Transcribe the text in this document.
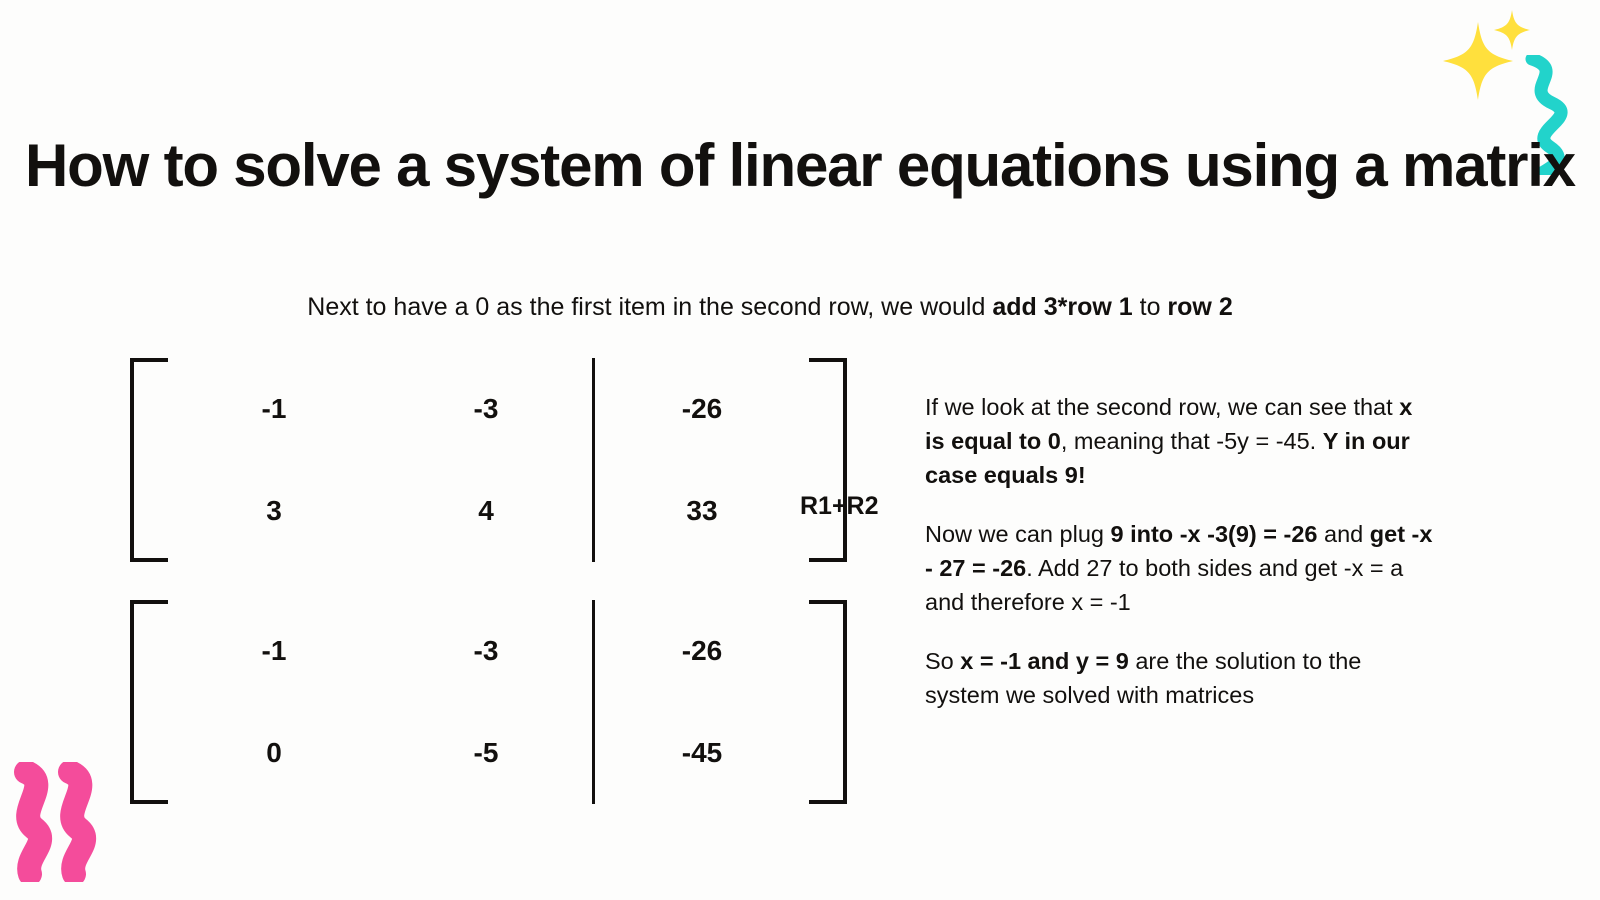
How to solve a system of linear equations using a matrix
Next to have a 0 as the first item in the second row, we would add 3*row 1 to row 2
-1
3
-3
4
-26
33	R1+R2
-1
0
-3
-5
-26
-45

If we look at the second row, we can see that x is equal to 0, meaning that -5y = -45. Y in our case equals 9!

Now we can plug 9 into -x -3(9) = -26 and get -x - 27 = -26. Add 27 to both sides and get -x = a and therefore x = -1

So x = -1 and y = 9 are the solution to the system we solved with matrices
